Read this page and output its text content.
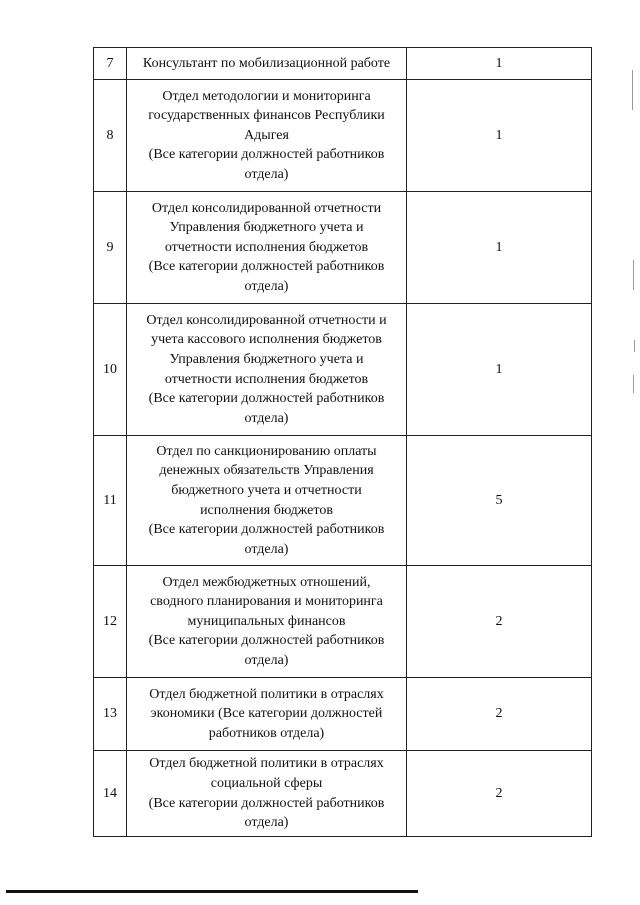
7	Консультант по мобилизационной работе	1
8
Отдел методологии и мониторинга
государственных финансов Республики
Адыгея
(Все категории должностей работников
отдела)
1
9
Отдел консолидированной отчетности
Управления бюджетного учета и
отчетности исполнения бюджетов
(Все категории должностей работников
отдела)
1
10
Отдел консолидированной отчетности и
учета кассового исполнения бюджетов
Управления бюджетного учета и
отчетности исполнения бюджетов
(Все категории должностей работников
отдела)
1
11
Отдел по санкционированию оплаты
денежных обязательств Управления
бюджетного учета и отчетности
исполнения бюджетов
(Все категории должностей работников
отдела)
5
12
Отдел межбюджетных отношений,
сводного планирования и мониторинга
муниципальных финансов
(Все категории должностей работников
отдела)
2
13
Отдел бюджетной политики в отраслях
экономики (Все категории должностей
работников отдела)
2
14
Отдел бюджетной политики в отраслях
социальной сферы
(Все категории должностей работников
отдела)
2
